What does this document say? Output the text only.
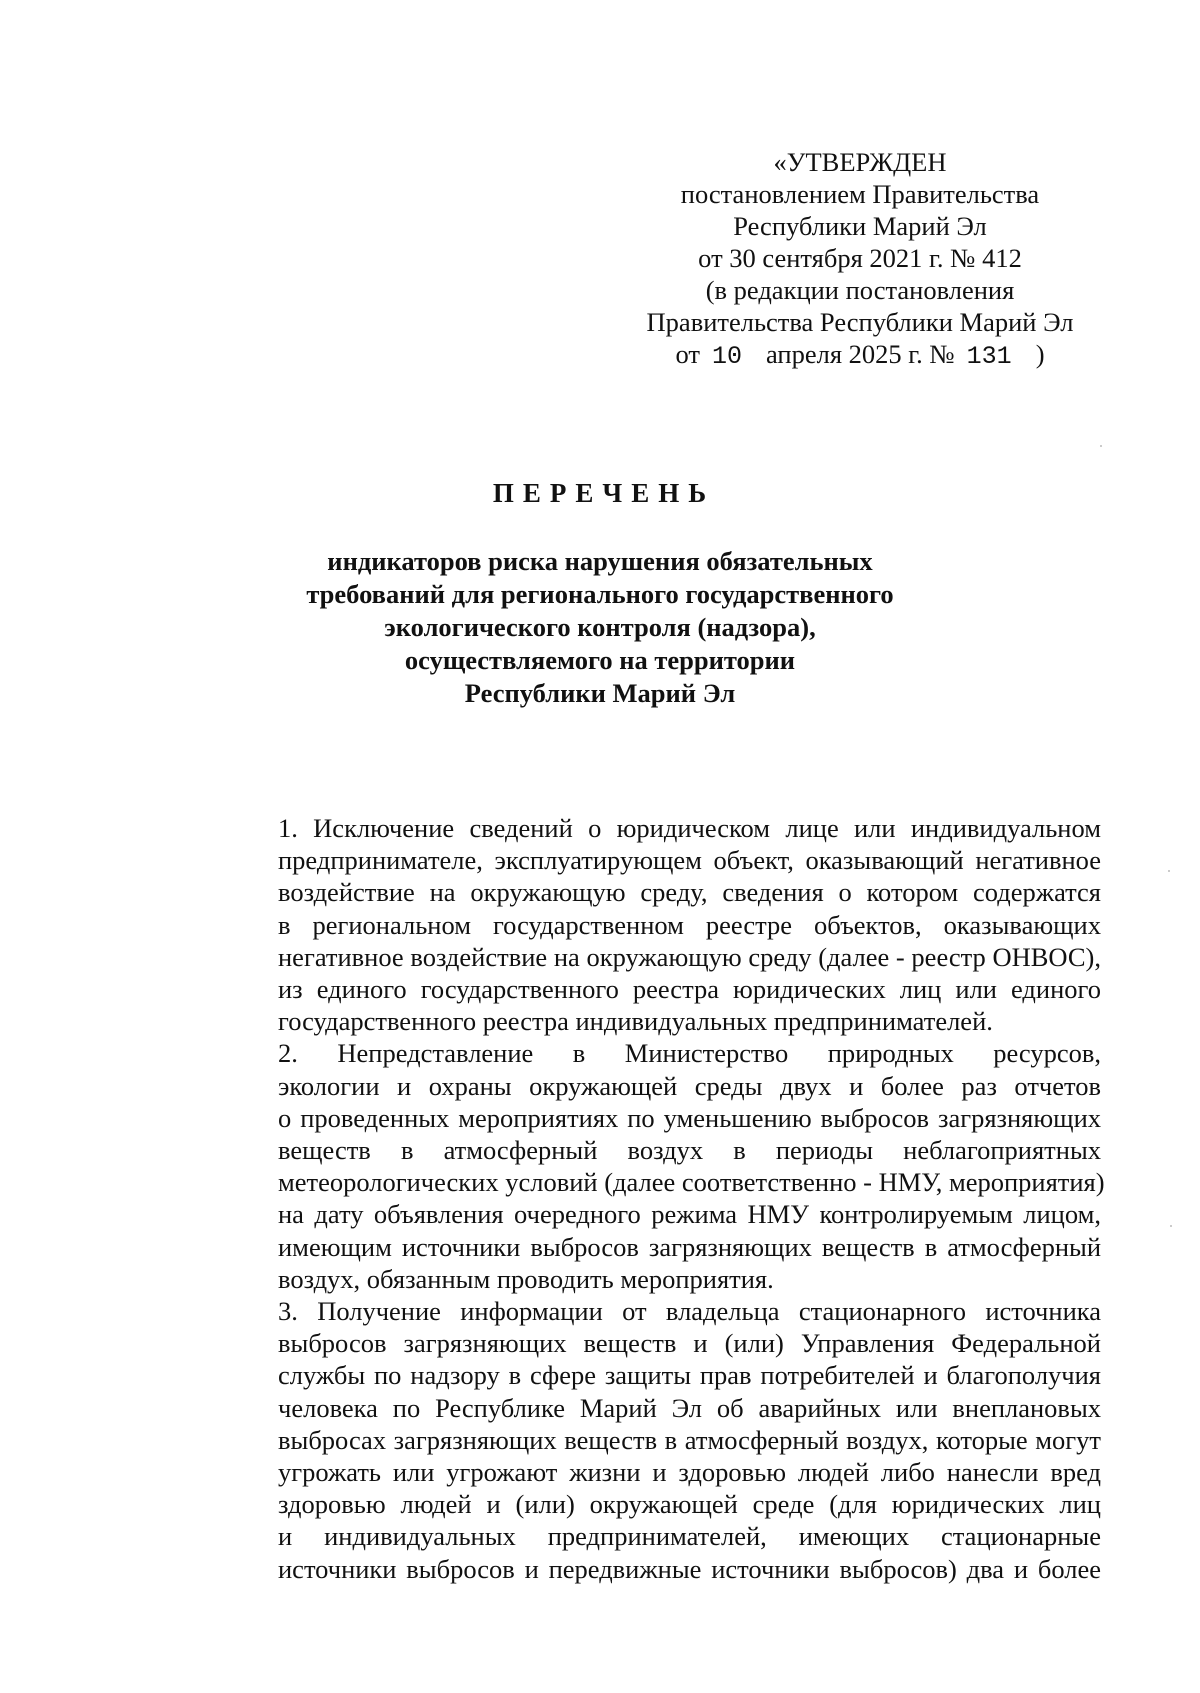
«УТВЕРЖДЕН
постановлением Правительства
Республики Марий Эл
от 30 сентября 2021 г. № 412
(в редакции постановления
Правительства Республики Марий Эл
от 10 апреля 2025 г. № 131 )
ПЕРЕЧЕНЬ
индикаторов риска нарушения обязательных
требований для регионального государственного
экологического контроля (надзора),
осуществляемого на территории
Республики Марий Эл
1. Исключение сведений о юридическом лице или индивидуальном
предпринимателе, эксплуатирующем объект, оказывающий негативное
воздействие на окружающую среду, сведения о котором содержатся
в региональном государственном реестре объектов, оказывающих
негативное воздействие на окружающую среду (далее - реестр ОНВОС),
из единого государственного реестра юридических лиц или единого
государственного реестра индивидуальных предпринимателей.
2. Непредставление в Министерство природных ресурсов,
экологии и охраны окружающей среды двух и более раз отчетов
о проведенных мероприятиях по уменьшению выбросов загрязняющих
веществ в атмосферный воздух в периоды неблагоприятных
метеорологических условий (далее соответственно - НМУ, мероприятия)
на дату объявления очередного режима НМУ контролируемым лицом,
имеющим источники выбросов загрязняющих веществ в атмосферный
воздух, обязанным проводить мероприятия.
3. Получение информации от владельца стационарного источника
выбросов загрязняющих веществ и (или) Управления Федеральной
службы по надзору в сфере защиты прав потребителей и благополучия
человека по Республике Марий Эл об аварийных или внеплановых
выбросах загрязняющих веществ в атмосферный воздух, которые могут
угрожать или угрожают жизни и здоровью людей либо нанесли вред
здоровью людей и (или) окружающей среде (для юридических лиц
и индивидуальных предпринимателей, имеющих стационарные
источники выбросов и передвижные источники выбросов) два и более
